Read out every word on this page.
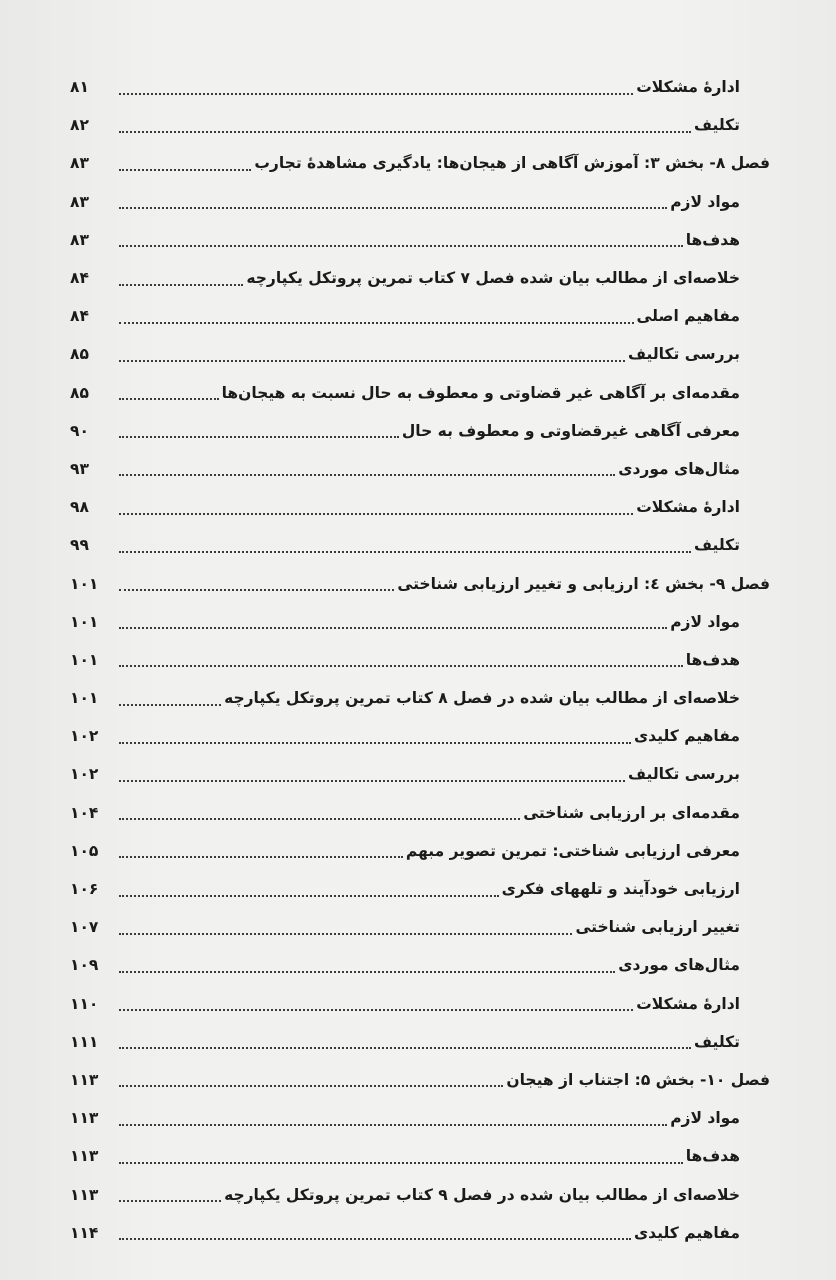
ادارهٔ مشکلات
۸۱
تکلیف
۸۲
فصل ۸- بخش ۳: آموزش آگاهی از هیجان‌ها: یادگیری مشاهدهٔ تجارب
۸۳
مواد لازم
۸۳
هدف‌ها
۸۳
خلاصه‌ای از مطالب بیان شده فصل ۷ کتاب تمرین پروتکل یکپارچه
۸۴
مفاهیم اصلی
۸۴
بررسی تکالیف
۸۵
مقدمه‌ای بر آگاهی غیر قضاوتی و معطوف به حال نسبت به هیجان‌ها
۸۵
معرفی آگاهی غیرقضاوتی و معطوف به حال
۹۰
مثال‌های موردی
۹۳
ادارهٔ مشکلات
۹۸
تکلیف
۹۹
فصل ۹- بخش ٤: ارزیابی و تغییر ارزیابی شناختی
۱۰۱
مواد لازم
۱۰۱
هدف‌ها
۱۰۱
خلاصه‌ای از مطالب بیان شده در فصل ۸ کتاب تمرین پروتکل یکپارچه
۱۰۱
مفاهیم کلیدی
۱۰۲
بررسی تکالیف
۱۰۲
مقدمه‌ای بر ارزیابی شناختی
۱۰۴
معرفی ارزیابی شناختی: تمرین تصویر مبهم
۱۰۵
ارزیابی خودآیند و تلههای فکری
۱۰۶
تغییر ارزیابی شناختی
۱۰۷
مثال‌های موردی
۱۰۹
ادارهٔ مشکلات
۱۱۰
تکلیف
۱۱۱
فصل ۱۰- بخش ۵: اجتناب از هیجان
۱۱۳
مواد لازم
۱۱۳
هدف‌ها
۱۱۳
خلاصه‌ای از مطالب بیان شده در فصل ۹ کتاب تمرین پروتکل یکپارچه
۱۱۳
مفاهیم کلیدی
۱۱۴
